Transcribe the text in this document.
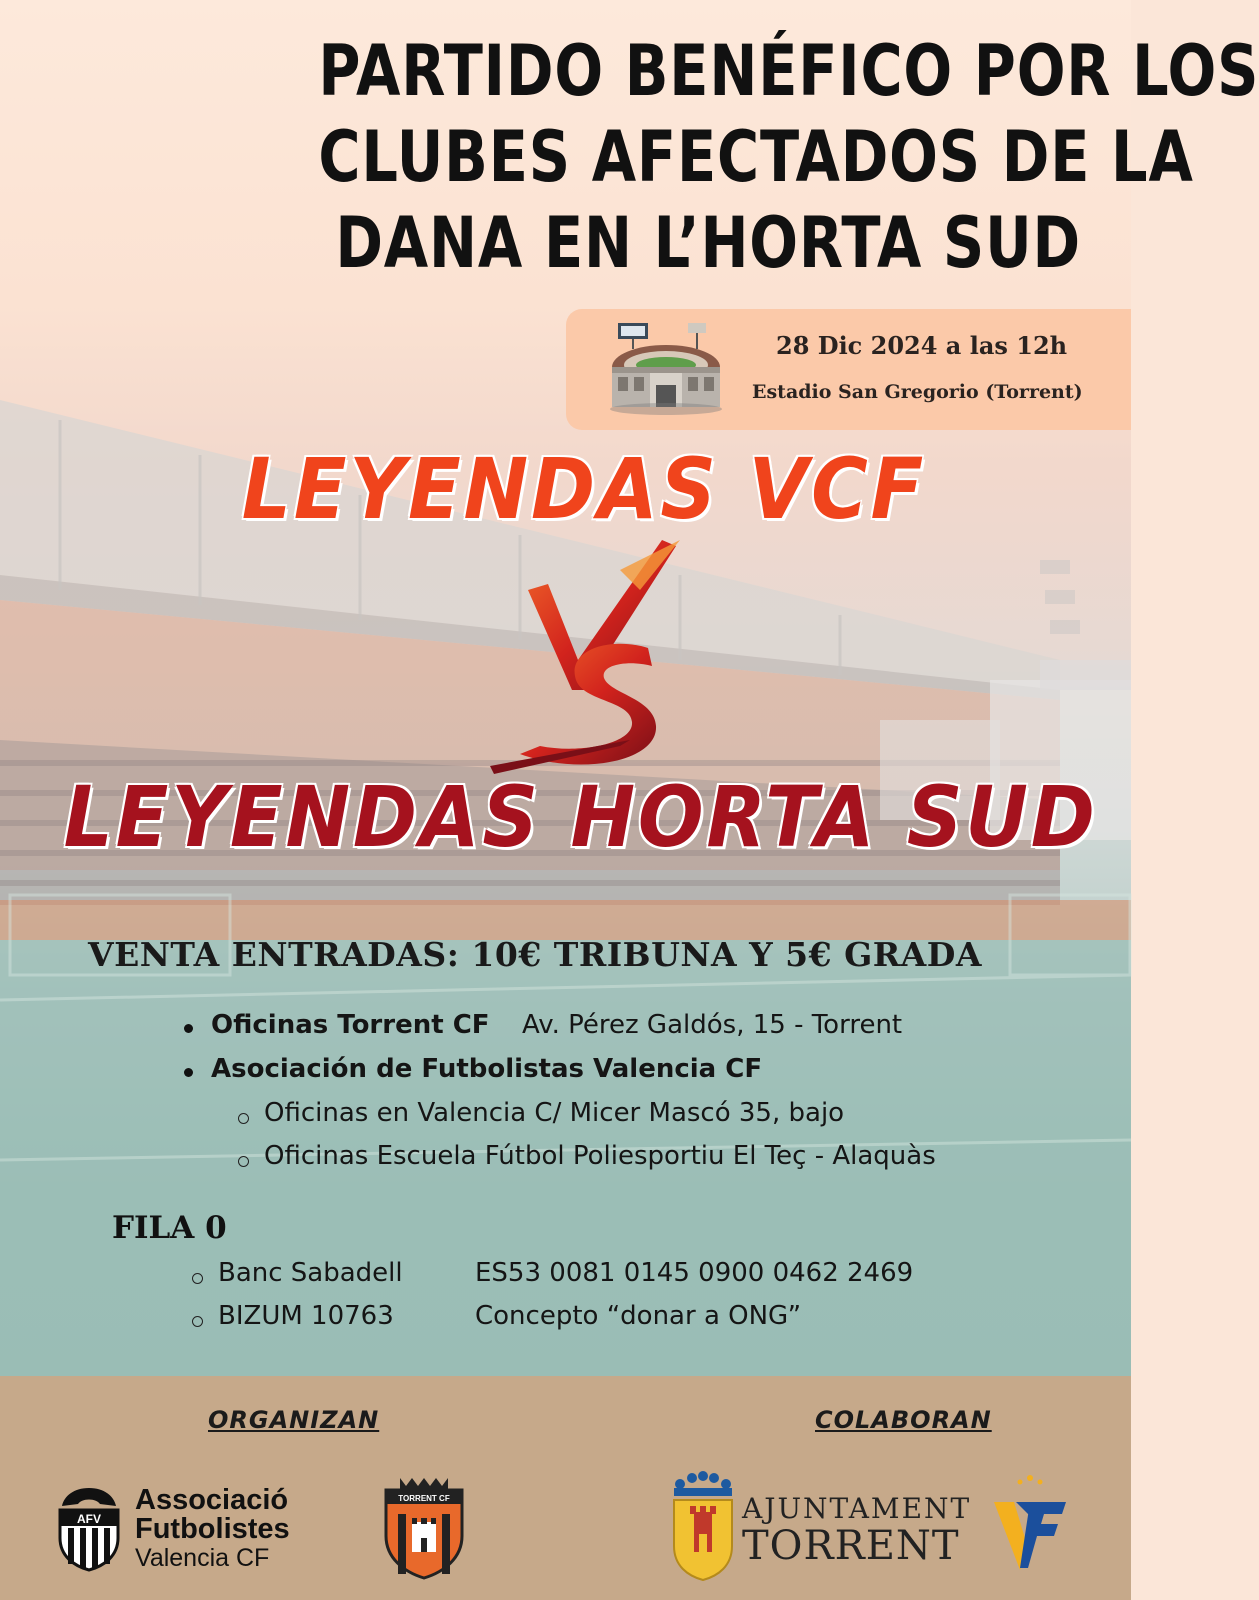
PARTIDO BENÉFICO POR LOS
CLUBES AFECTADOS DE LA
DANA EN L’HORTA SUD
28 Dic 2024 a las 12h
Estadio San Gregorio (Torrent)
LEYENDAS VCF
LEYENDAS HORTA SUD
VENTA ENTRADAS: 10€ TRIBUNA Y 5€ GRADA
Oficinas Torrent CF Av. Pérez Galdós, 15 - Torrent
Asociación de Futbolistas Valencia CF
Oficinas en Valencia C/ Micer Mascó 35, bajo
Oficinas Escuela Fútbol Poliesportiu El Teç - Alaquàs
FILA 0
Banc Sabadell	ES53 0081 0145 0900 0462 2469
BIZUM 10763	Concepto “donar a ONG”
ORGANIZAN	COLABORAN
AFV
Associació
Futbolistes
Valencia CF
TORRENT CF	AJUNTAMENT
TORRENT
